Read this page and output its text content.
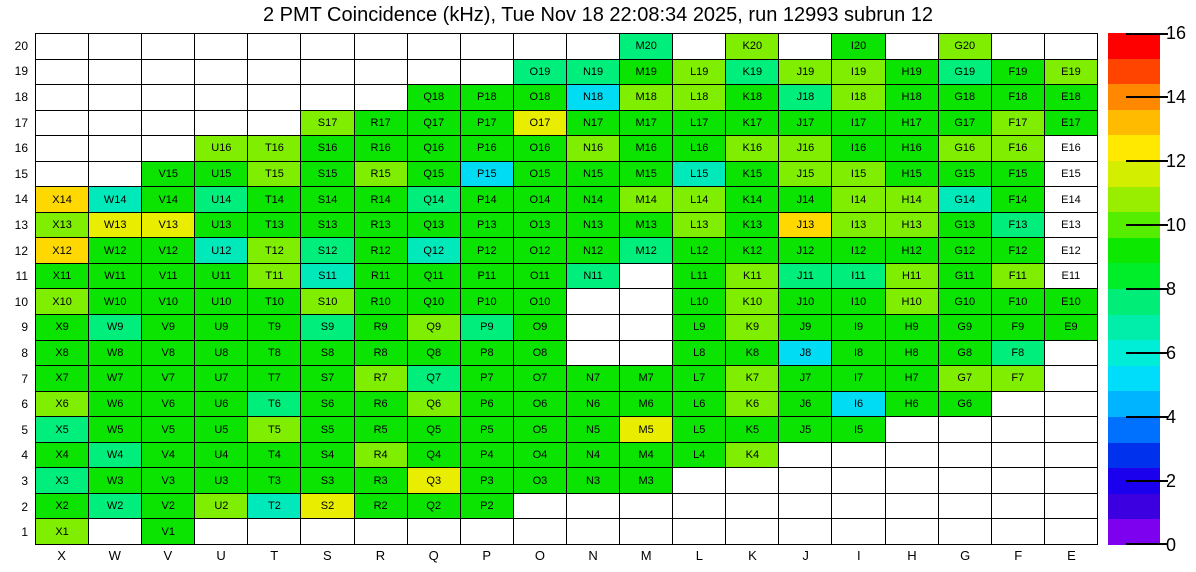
2 PMT Coincidence (kHz), Tue Nov 18 22:08:34 2025, run 12993 subrun 12
20
19
18
17
16
15
14
13
12
11
10
9
8
7
6
5
4
3
2
1
M20	K20	I20	G20
O19	N19	M19	L19	K19	J19	I19	H19	G19	F19	E19
Q18	P18	O18	N18	M18	L18	K18	J18	I18	H18	G18	F18	E18
S17	R17	Q17	P17	O17	N17	M17	L17	K17	J17	I17	H17	G17	F17	E17
U16	T16	S16	R16	Q16	P16	O16	N16	M16	L16	K16	J16	I16	H16	G16	F16	E16
V15	U15	T15	S15	R15	Q15	P15	O15	N15	M15	L15	K15	J15	I15	H15	G15	F15	E15
X14	W14	V14	U14	T14	S14	R14	Q14	P14	O14	N14	M14	L14	K14	J14	I14	H14	G14	F14	E14
X13	W13	V13	U13	T13	S13	R13	Q13	P13	O13	N13	M13	L13	K13	J13	I13	H13	G13	F13	E13
X12	W12	V12	U12	T12	S12	R12	Q12	P12	O12	N12	M12	L12	K12	J12	I12	H12	G12	F12	E12
X11	W11	V11	U11	T11	S11	R11	Q11	P11	O11	N11	L11	K11	J11	I11	H11	G11	F11	E11
X10	W10	V10	U10	T10	S10	R10	Q10	P10	O10	L10	K10	J10	I10	H10	G10	F10	E10
X9	W9	V9	U9	T9	S9	R9	Q9	P9	O9	L9	K9	J9	I9	H9	G9	F9	E9
X8	W8	V8	U8	T8	S8	R8	Q8	P8	O8	L8	K8	J8	I8	H8	G8	F8
X7	W7	V7	U7	T7	S7	R7	Q7	P7	O7	N7	M7	L7	K7	J7	I7	H7	G7	F7
X6	W6	V6	U6	T6	S6	R6	Q6	P6	O6	N6	M6	L6	K6	J6	I6	H6	G6
X5	W5	V5	U5	T5	S5	R5	Q5	P5	O5	N5	M5	L5	K5	J5	I5
X4	W4	V4	U4	T4	S4	R4	Q4	P4	O4	N4	M4	L4	K4
X3	W3	V3	U3	T3	S3	R3	Q3	P3	O3	N3	M3
X2	W2	V2	U2	T2	S2	R2	Q2	P2
X1	V1
X	W	V	U	T	S	R	Q	P	O	N	M	L	K	J	I	H	G	F	E
16
14
12
10
8
6
4
2
0
